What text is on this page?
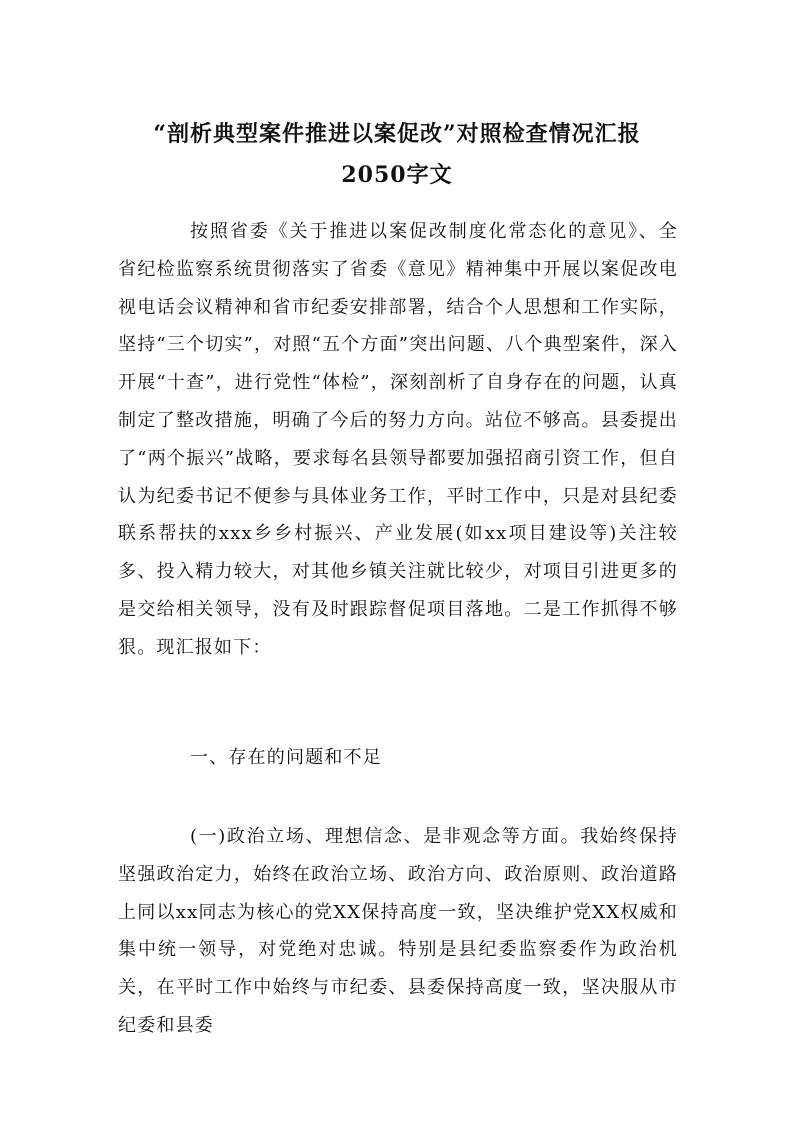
“剖析典型案件推进以案促改”对照检查情况汇报
2050字文
按照省委《关于推进以案促改制度化常态化的意见》、全省纪检监察系统贯彻落实了省委《意见》精神集中开展以案促改电视电话会议精神和省市纪委安排部署，结合个人思想和工作实际，坚持“三个切实”，对照“五个方面”突出问题、八个典型案件，深入开展“十查”，进行党性“体检”，深刻剖析了自身存在的问题，认真制定了整改措施，明确了今后的努力方向。站位不够高。县委提出了“两个振兴”战略，要求每名县领导都要加强招商引资工作，但自认为纪委书记不便参与具体业务工作，平时工作中，只是对县纪委联系帮扶的xxx乡乡村振兴、产业发展(如xx项目建设等)关注较多、投入精力较大，对其他乡镇关注就比较少，对项目引进更多的是交给相关领导，没有及时跟踪督促项目落地。二是工作抓得不够狠。现汇报如下：
一、存在的问题和不足
(一)政治立场、理想信念、是非观念等方面。我始终保持坚强政治定力，始终在政治立场、政治方向、政治原则、政治道路上同以xx同志为核心的党XX保持高度一致，坚决维护党XX权威和集中统一领导，对党绝对忠诚。特别是县纪委监察委作为政治机关，在平时工作中始终与市纪委、县委保持高度一致，坚决服从市纪委和县委
